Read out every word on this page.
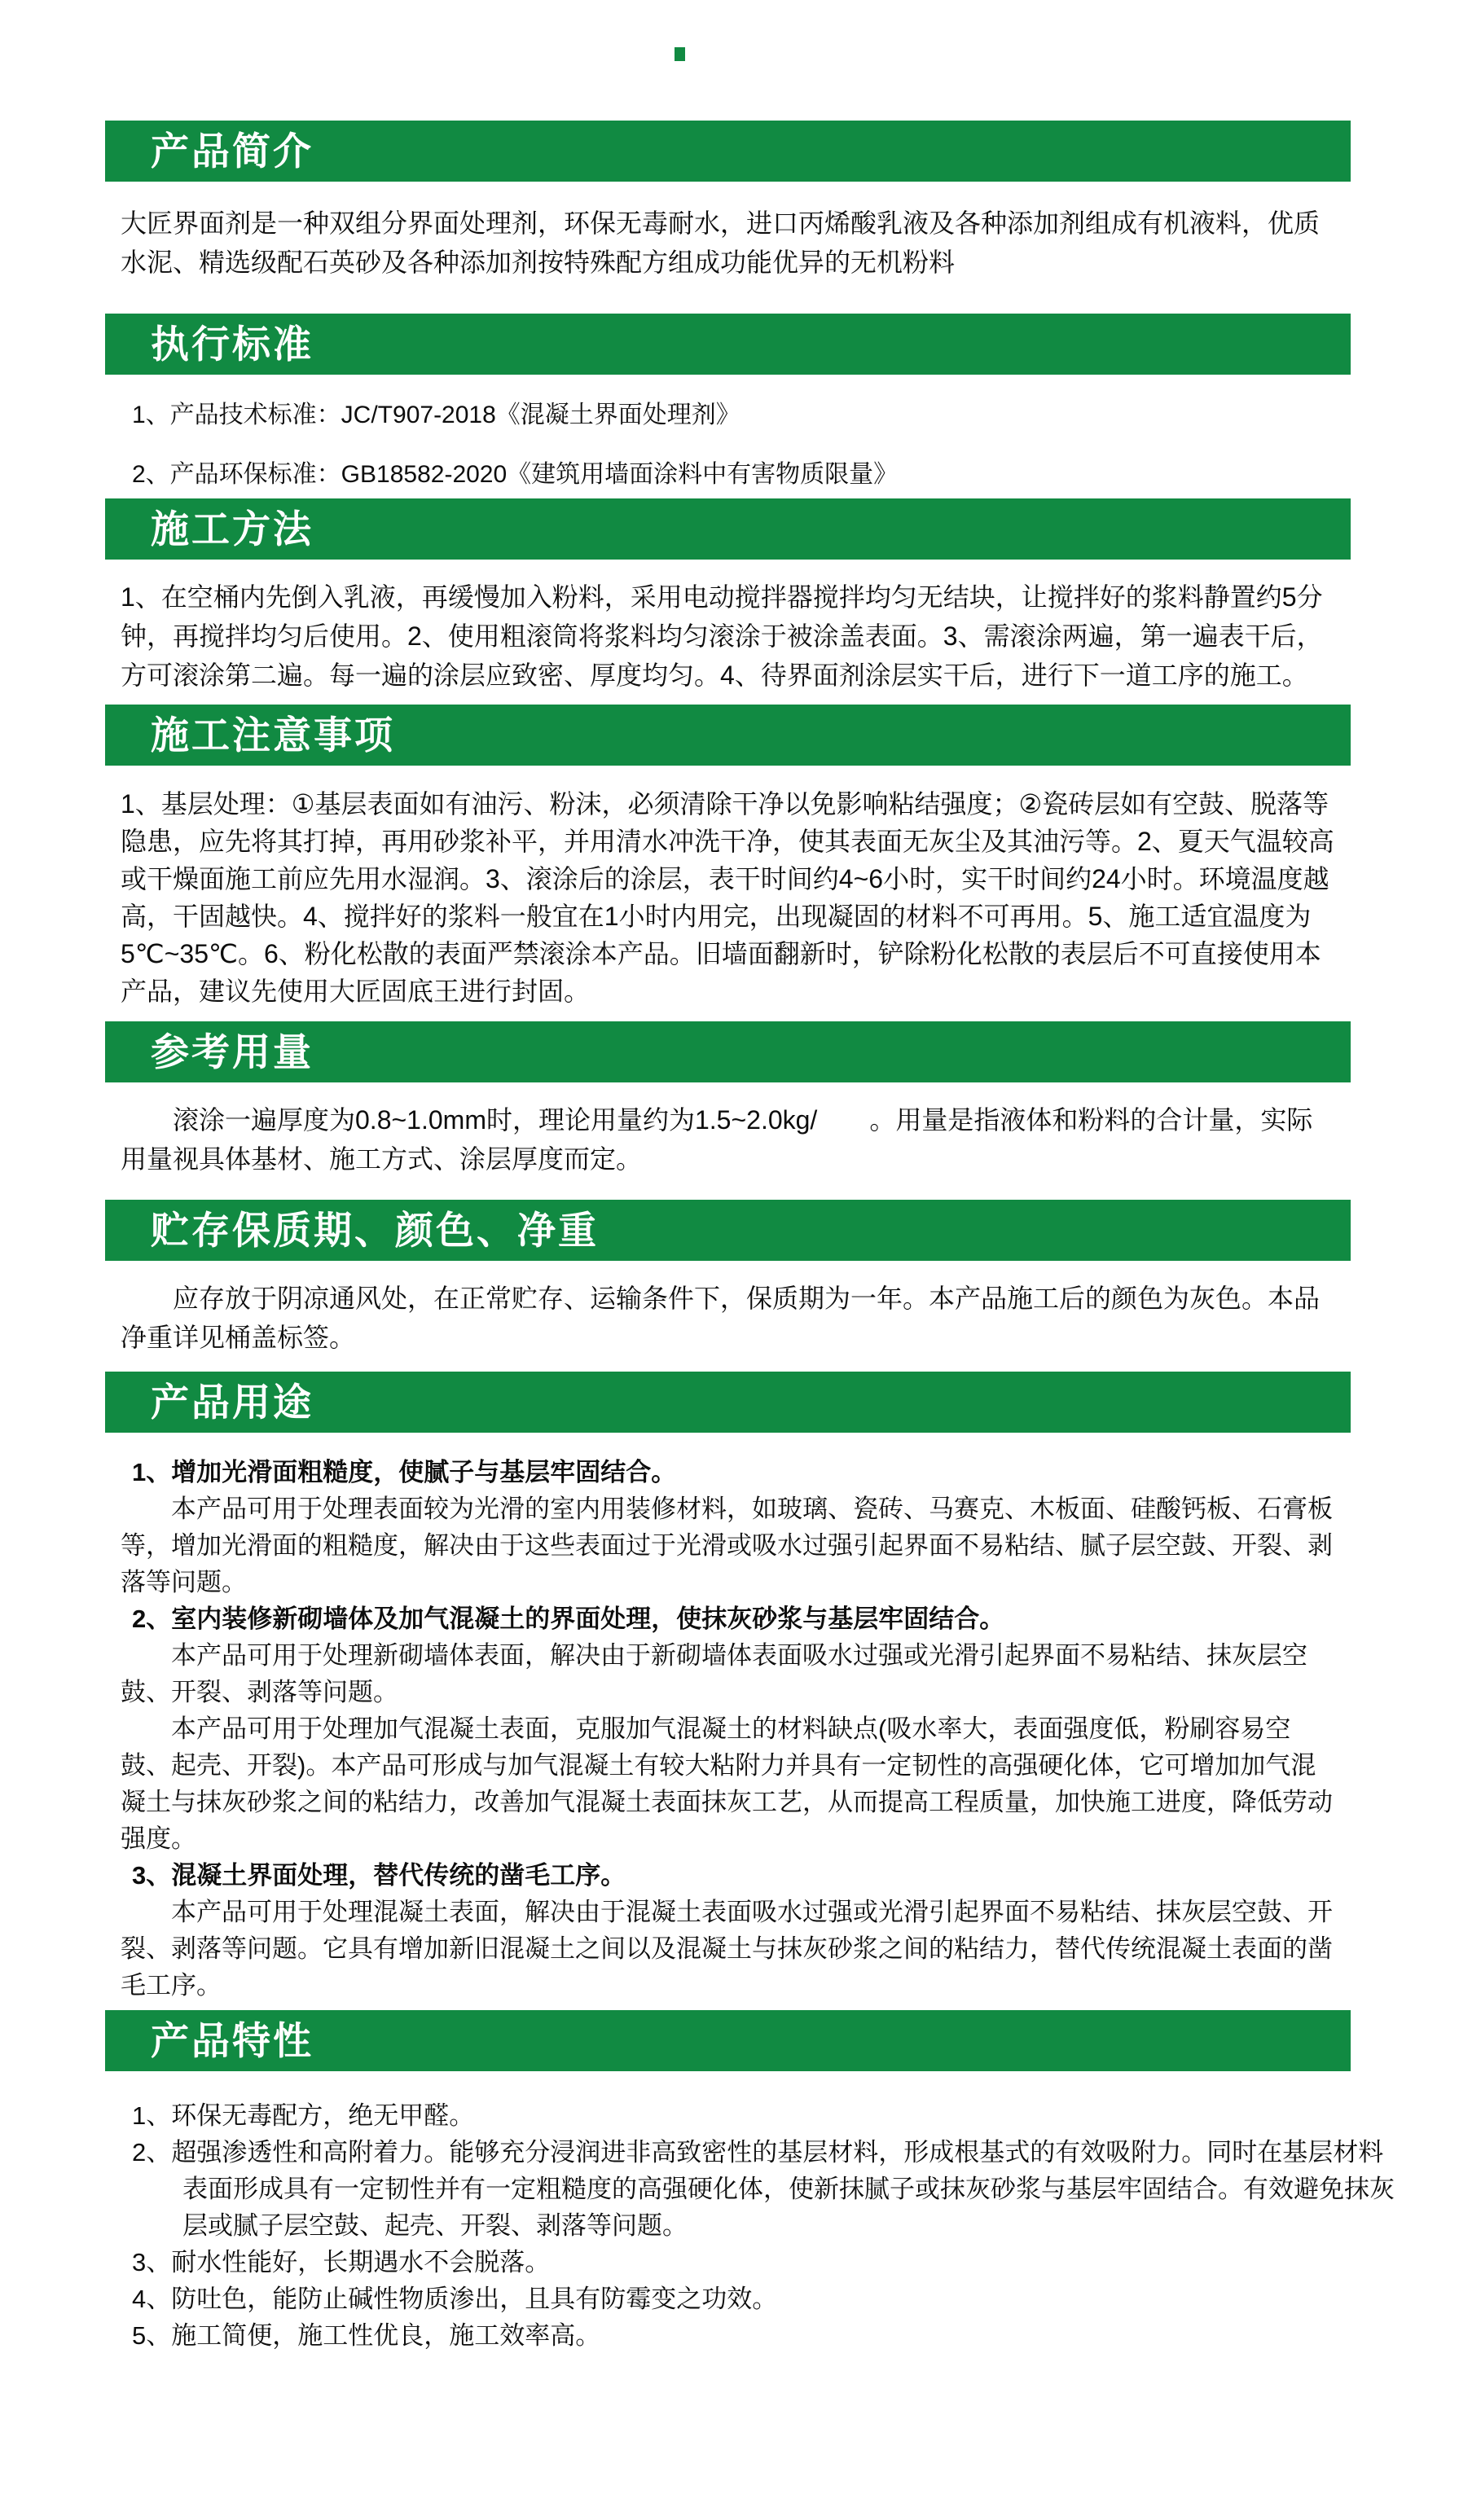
产品简介

大匠界面剂是一种双组分界面处理剂，环保无毒耐水，进口丙烯酸乳液及各种添加剂组成有机液料，优质水泥、精选级配石英砂及各种添加剂按特殊配方组成功能优异的无机粉料

执行标准

1、产品技术标准：JC/T907-2018《混凝土界面处理剂》

2、产品环保标准：GB18582-2020《建筑用墙面涂料中有害物质限量》

施工方法

1、在空桶内先倒入乳液，再缓慢加入粉料，采用电动搅拌器搅拌均匀无结块，让搅拌好的浆料静置约5分钟，再搅拌均匀后使用。2、使用粗滚筒将浆料均匀滚涂于被涂盖表面。3、需滚涂两遍，第一遍表干后，方可滚涂第二遍。每一遍的涂层应致密、厚度均匀。4、待界面剂涂层实干后，进行下一道工序的施工。

施工注意事项

1、基层处理：①基层表面如有油污、粉沫，必须清除干净以免影响粘结强度；②瓷砖层如有空鼓、脱落等隐患，应先将其打掉，再用砂浆补平，并用清水冲洗干净，使其表面无灰尘及其油污等。2、夏天气温较高或干燥面施工前应先用水湿润。3、滚涂后的涂层，表干时间约4~6小时，实干时间约24小时。环境温度越高，干固越快。4、搅拌好的浆料一般宜在1小时内用完，出现凝固的材料不可再用。5、施工适宜温度为5℃~35℃。6、粉化松散的表面严禁滚涂本产品。旧墙面翻新时，铲除粉化松散的表层后不可直接使用本产品，建议先使用大匠固底王进行封固。

参考用量

滚涂一遍厚度为0.8~1.0mm时，理论用量约为1.5~2.0kg/　　。用量是指液体和粉料的合计量，实际用量视具体基材、施工方式、涂层厚度而定。

贮存保质期、颜色、净重

应存放于阴凉通风处，在正常贮存、运输条件下，保质期为一年。本产品施工后的颜色为灰色。本品净重详见桶盖标签。

产品用途

1、增加光滑面粗糙度，使腻子与基层牢固结合。

本产品可用于处理表面较为光滑的室内用装修材料，如玻璃、瓷砖、马赛克、木板面、硅酸钙板、石膏板等，增加光滑面的粗糙度，解决由于这些表面过于光滑或吸水过强引起界面不易粘结、腻子层空鼓、开裂、剥落等问题。

2、室内装修新砌墙体及加气混凝土的界面处理，使抹灰砂浆与基层牢固结合。

本产品可用于处理新砌墙体表面，解决由于新砌墙体表面吸水过强或光滑引起界面不易粘结、抹灰层空鼓、开裂、剥落等问题。

本产品可用于处理加气混凝土表面，克服加气混凝土的材料缺点(吸水率大，表面强度低，粉刷容易空鼓、起壳、开裂)。本产品可形成与加气混凝土有较大粘附力并具有一定韧性的高强硬化体，它可增加加气混凝土与抹灰砂浆之间的粘结力，改善加气混凝土表面抹灰工艺，从而提高工程质量，加快施工进度，降低劳动强度。

3、混凝土界面处理，替代传统的凿毛工序。

本产品可用于处理混凝土表面，解决由于混凝土表面吸水过强或光滑引起界面不易粘结、抹灰层空鼓、开裂、剥落等问题。它具有增加新旧混凝土之间以及混凝土与抹灰砂浆之间的粘结力，替代传统混凝土表面的凿毛工序。

产品特性

1、环保无毒配方，绝无甲醛。

2、超强渗透性和高附着力。能够充分浸润进非高致密性的基层材料，形成根基式的有效吸附力。同时在基层材料表面形成具有一定韧性并有一定粗糙度的高强硬化体，使新抹腻子或抹灰砂浆与基层牢固结合。有效避免抹灰层或腻子层空鼓、起壳、开裂、剥落等问题。

3、耐水性能好，长期遇水不会脱落。

4、防吐色，能防止碱性物质渗出，且具有防霉变之功效。

5、施工简便，施工性优良，施工效率高。
